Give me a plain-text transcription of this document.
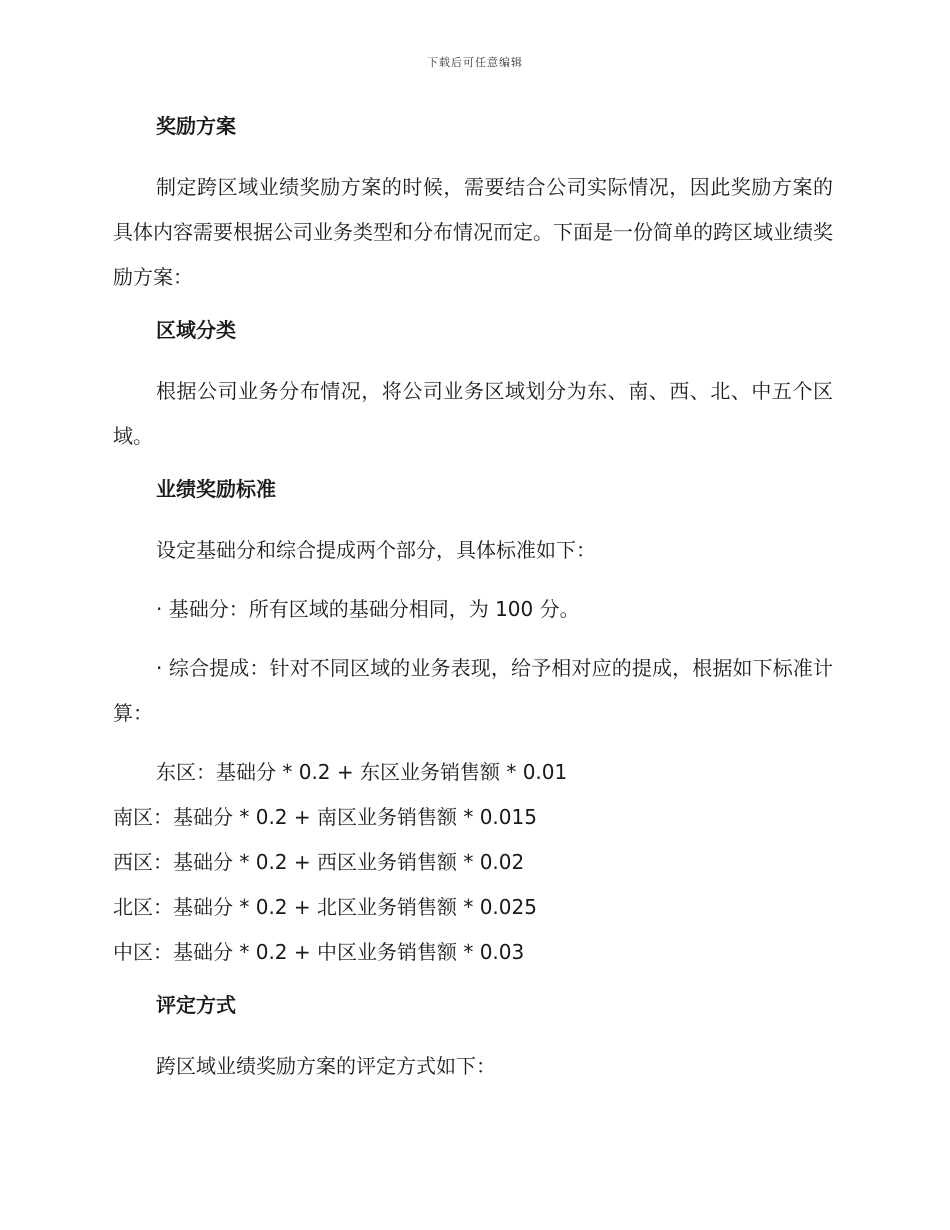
下载后可任意编辑

奖励方案

制定跨区域业绩奖励方案的时候，需要结合公司实际情况，因此奖励方案的具体内容需要根据公司业务类型和分布情况而定。下面是一份简单的跨区域业绩奖励方案：

区域分类

根据公司业务分布情况，将公司业务区域划分为东、南、西、北、中五个区域。

业绩奖励标准

设定基础分和综合提成两个部分，具体标准如下：

· 基础分：所有区域的基础分相同，为 100 分。

· 综合提成：针对不同区域的业务表现，给予相对应的提成，根据如下标准计算：

东区：基础分 * 0.2 + 东区业务销售额 * 0.01

南区：基础分 * 0.2 + 南区业务销售额 * 0.015

西区：基础分 * 0.2 + 西区业务销售额 * 0.02

北区：基础分 * 0.2 + 北区业务销售额 * 0.025

中区：基础分 * 0.2 + 中区业务销售额 * 0.03

评定方式

跨区域业绩奖励方案的评定方式如下：
